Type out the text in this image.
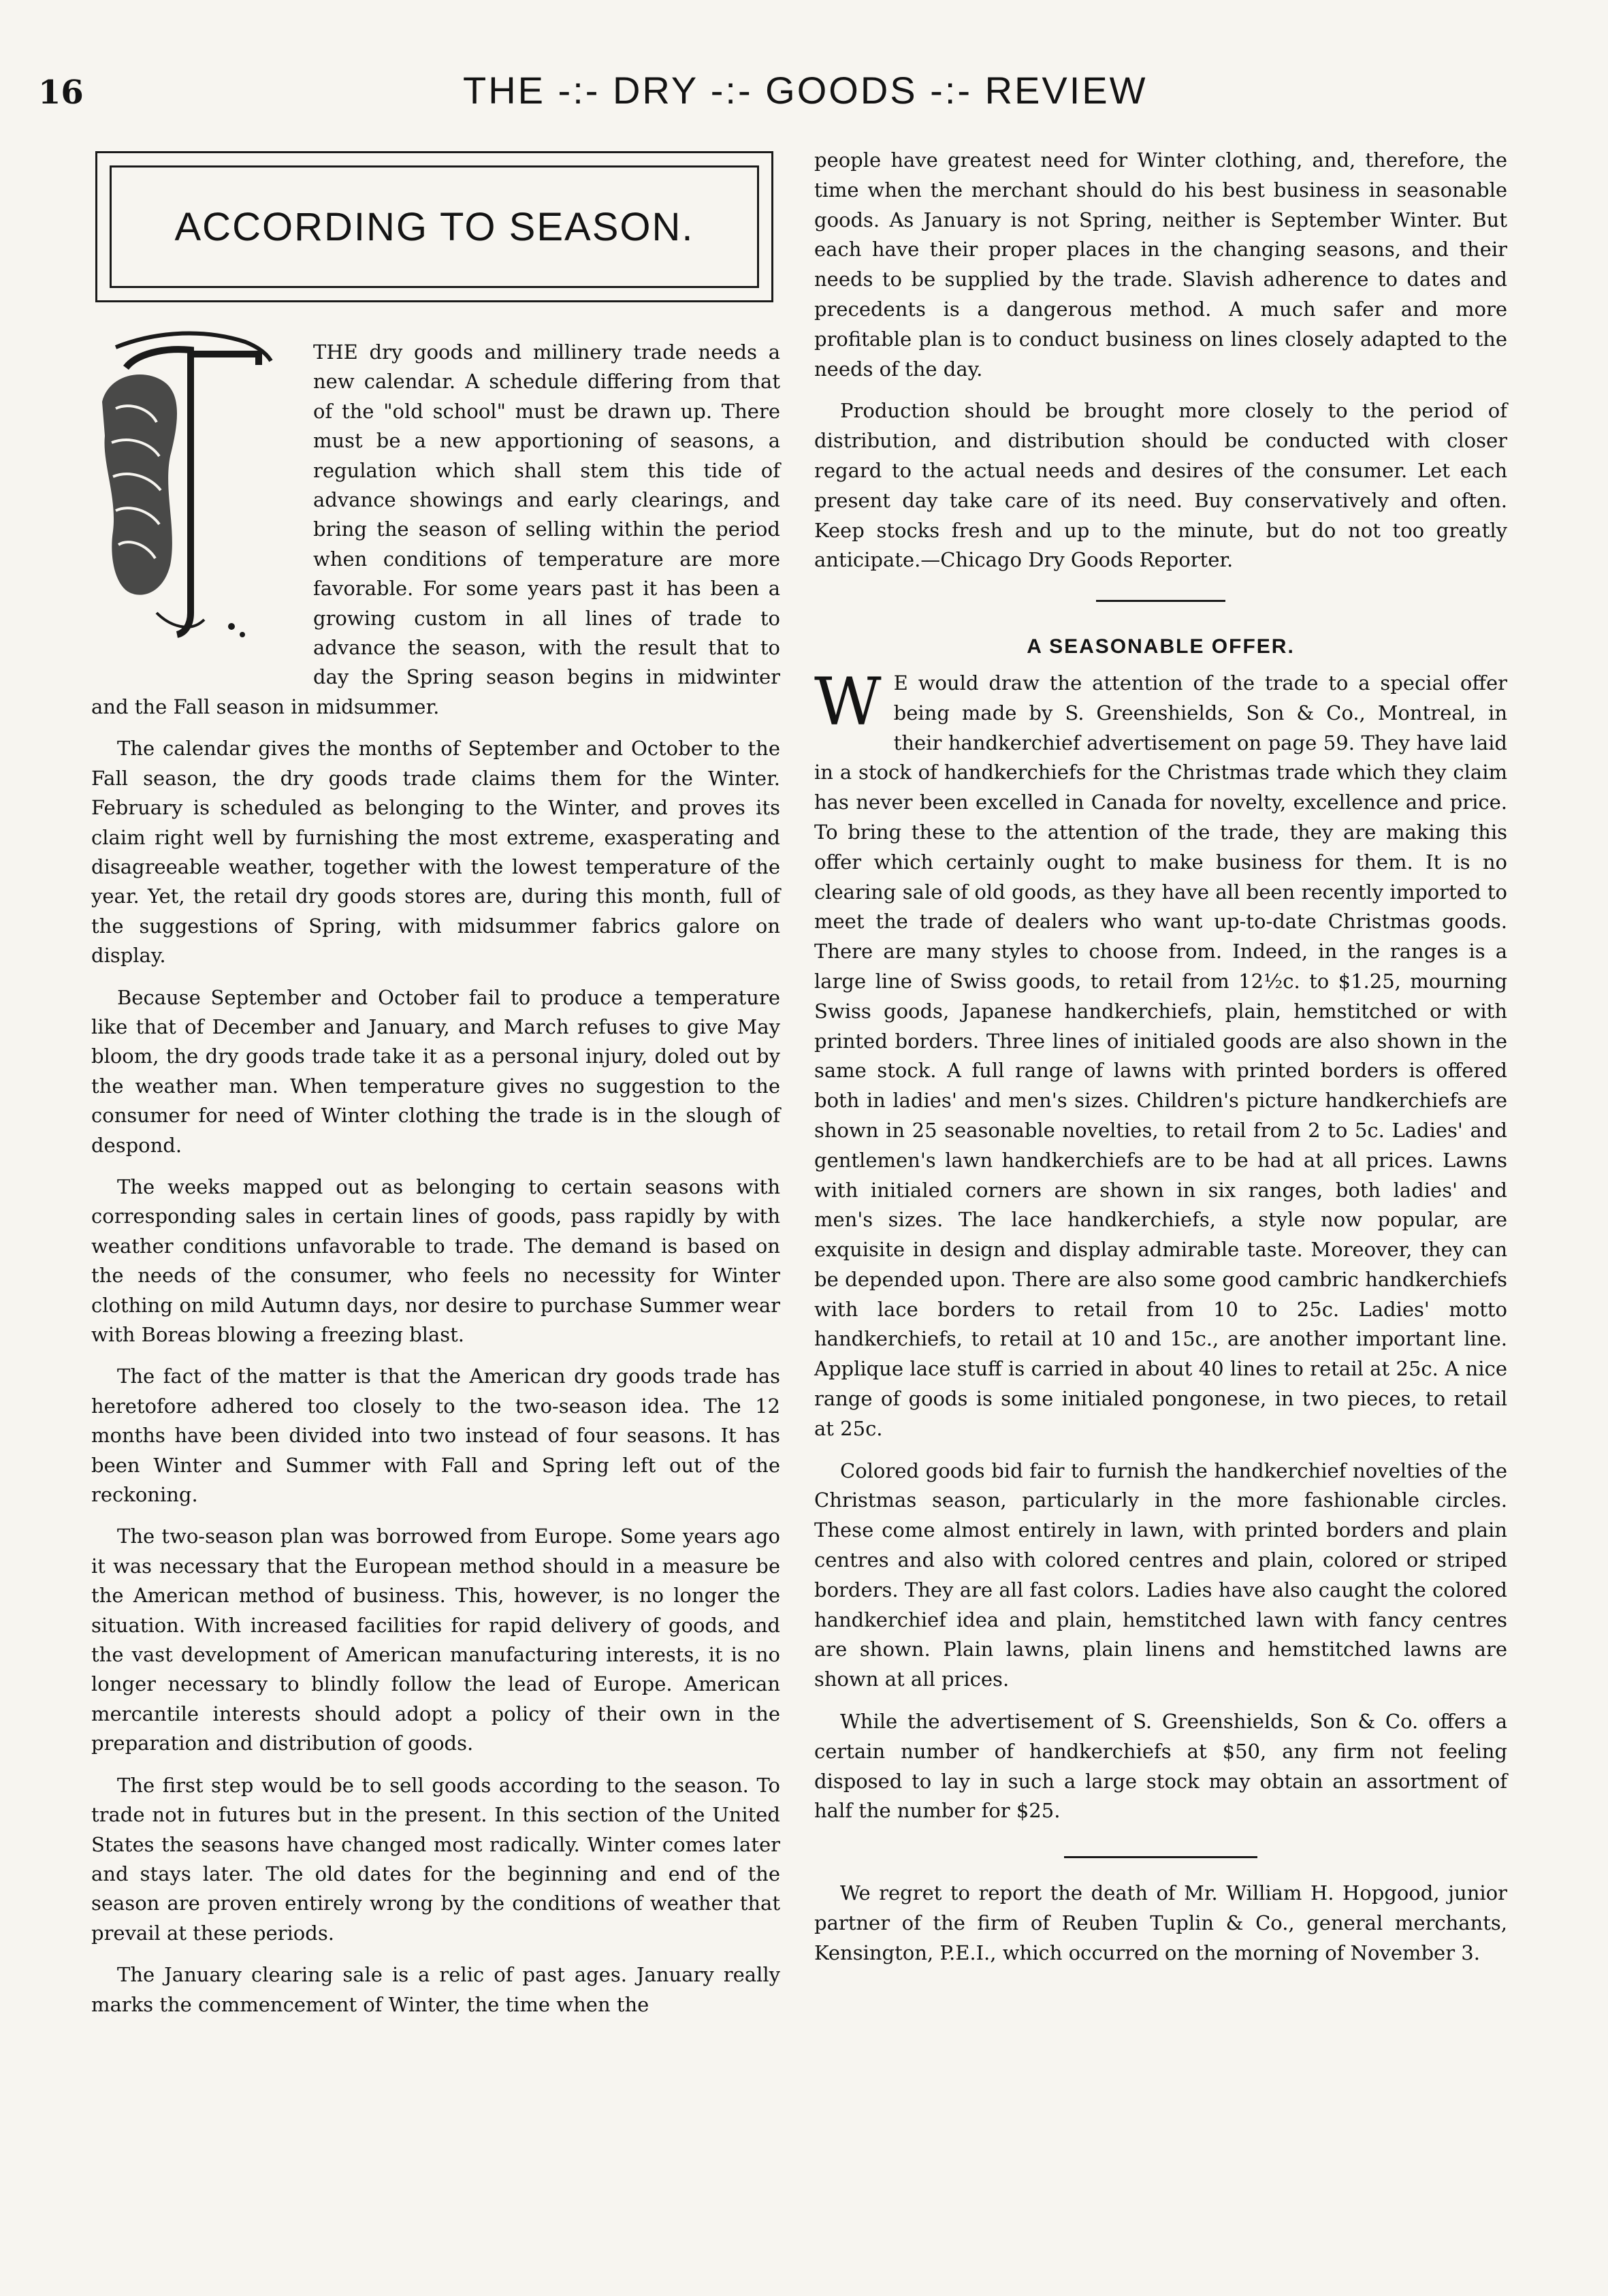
16	THE -:- DRY -:- GOODS -:- REVIEW
ACCORDING TO SEASON.

THE dry goods and millinery trade needs a new calendar. A schedule differing from that of the "old school" must be drawn up. There must be a new apportioning of seasons, a regulation which shall stem this tide of advance showings and early clearings, and bring the season of selling within the period when conditions of temperature are more favorable. For some years past it has been a growing custom in all lines of trade to advance the season, with the result that to day the Spring season begins in midwinter and the Fall season in midsummer.

The calendar gives the months of September and October to the Fall season, the dry goods trade claims them for the Winter. February is scheduled as belonging to the Winter, and proves its claim right well by furnishing the most extreme, exasperating and disagreeable weather, together with the lowest temperature of the year. Yet, the retail dry goods stores are, during this month, full of the suggestions of Spring, with midsummer fabrics galore on display.

Because September and October fail to produce a temperature like that of December and January, and March refuses to give May bloom, the dry goods trade take it as a personal injury, doled out by the weather man. When temperature gives no suggestion to the consumer for need of Winter clothing the trade is in the slough of despond.

The weeks mapped out as belonging to certain seasons with corresponding sales in certain lines of goods, pass rapidly by with weather conditions unfavorable to trade. The demand is based on the needs of the consumer, who feels no necessity for Winter clothing on mild Autumn days, nor desire to purchase Summer wear with Boreas blowing a freezing blast.

The fact of the matter is that the American dry goods trade has heretofore adhered too closely to the two-season idea. The 12 months have been divided into two instead of four seasons. It has been Winter and Summer with Fall and Spring left out of the reckoning.

The two-season plan was borrowed from Europe. Some years ago it was necessary that the European method should in a measure be the American method of business. This, however, is no longer the situation. With increased facilities for rapid delivery of goods, and the vast development of American manufacturing interests, it is no longer necessary to blindly follow the lead of Europe. American mercantile interests should adopt a policy of their own in the preparation and distribution of goods.

The first step would be to sell goods according to the season. To trade not in futures but in the present. In this section of the United States the seasons have changed most radically. Winter comes later and stays later. The old dates for the beginning and end of the season are proven entirely wrong by the conditions of weather that prevail at these periods.

The January clearing sale is a relic of past ages. January really marks the commencement of Winter, the time when the

people have greatest need for Winter clothing, and, therefore, the time when the merchant should do his best business in seasonable goods. As January is not Spring, neither is September Winter. But each have their proper places in the changing seasons, and their needs to be supplied by the trade. Slavish adherence to dates and precedents is a dangerous method. A much safer and more profitable plan is to conduct business on lines closely adapted to the needs of the day.

Production should be brought more closely to the period of distribution, and distribution should be conducted with closer regard to the actual needs and desires of the consumer. Let each present day take care of its need. Buy conservatively and often. Keep stocks fresh and up to the minute, but do not too greatly anticipate.—Chicago Dry Goods Reporter.

A SEASONABLE OFFER.

W E would draw the attention of the trade to a special offer being made by S. Greenshields, Son & Co., Montreal, in their handkerchief advertisement on page 59. They have laid in a stock of handkerchiefs for the Christmas trade which they claim has never been excelled in Canada for novelty, excellence and price. To bring these to the attention of the trade, they are making this offer which certainly ought to make business for them. It is no clearing sale of old goods, as they have all been recently imported to meet the trade of dealers who want up-to-date Christmas goods. There are many styles to choose from. Indeed, in the ranges is a large line of Swiss goods, to retail from 12½c. to $1.25, mourning Swiss goods, Japanese handkerchiefs, plain, hemstitched or with printed borders. Three lines of initialed goods are also shown in the same stock. A full range of lawns with printed borders is offered both in ladies' and men's sizes. Children's picture handkerchiefs are shown in 25 seasonable novelties, to retail from 2 to 5c. Ladies' and gentlemen's lawn handkerchiefs are to be had at all prices. Lawns with initialed corners are shown in six ranges, both ladies' and men's sizes. The lace handkerchiefs, a style now popular, are exquisite in design and display admirable taste. Moreover, they can be depended upon. There are also some good cambric handkerchiefs with lace borders to retail from 10 to 25c. Ladies' motto handkerchiefs, to retail at 10 and 15c., are another important line. Applique lace stuff is carried in about 40 lines to retail at 25c. A nice range of goods is some initialed pongonese, in two pieces, to retail at 25c.

Colored goods bid fair to furnish the handkerchief novelties of the Christmas season, particularly in the more fashionable circles. These come almost entirely in lawn, with printed borders and plain centres and also with colored centres and plain, colored or striped borders. They are all fast colors. Ladies have also caught the colored handkerchief idea and plain, hemstitched lawn with fancy centres are shown. Plain lawns, plain linens and hemstitched lawns are shown at all prices.

While the advertisement of S. Greenshields, Son & Co. offers a certain number of handkerchiefs at $50, any firm not feeling disposed to lay in such a large stock may obtain an assortment of half the number for $25.

We regret to report the death of Mr. William H. Hopgood, junior partner of the firm of Reuben Tuplin & Co., general merchants, Kensington, P.E.I., which occurred on the morning of November 3.
